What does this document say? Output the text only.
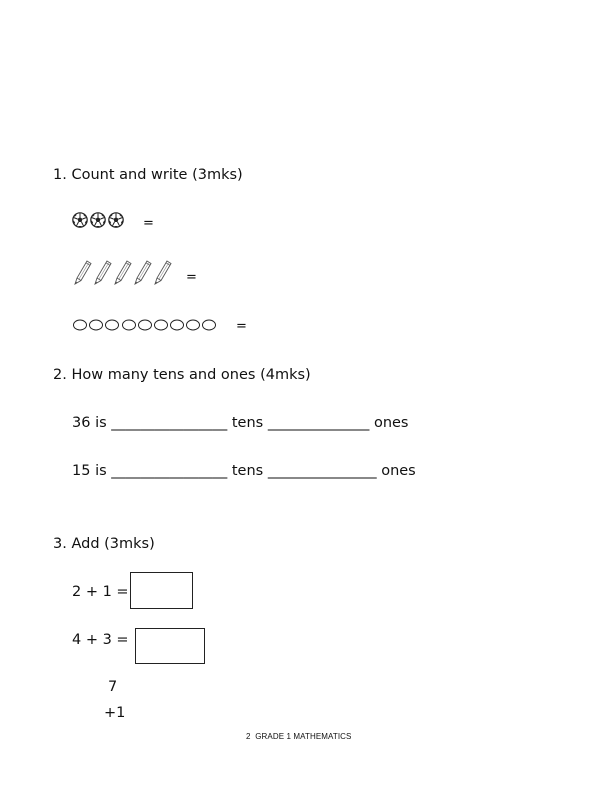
1. Count and write (3mks)
=
=
=
2. How many tens and ones (4mks)
36 is ________________ tens ______________ ones
15 is ________________ tens _______________ ones
3. Add (3mks)
2 + 1 =
4 + 3 =
7
+1
2 GRADE 1 MATHEMATICS
